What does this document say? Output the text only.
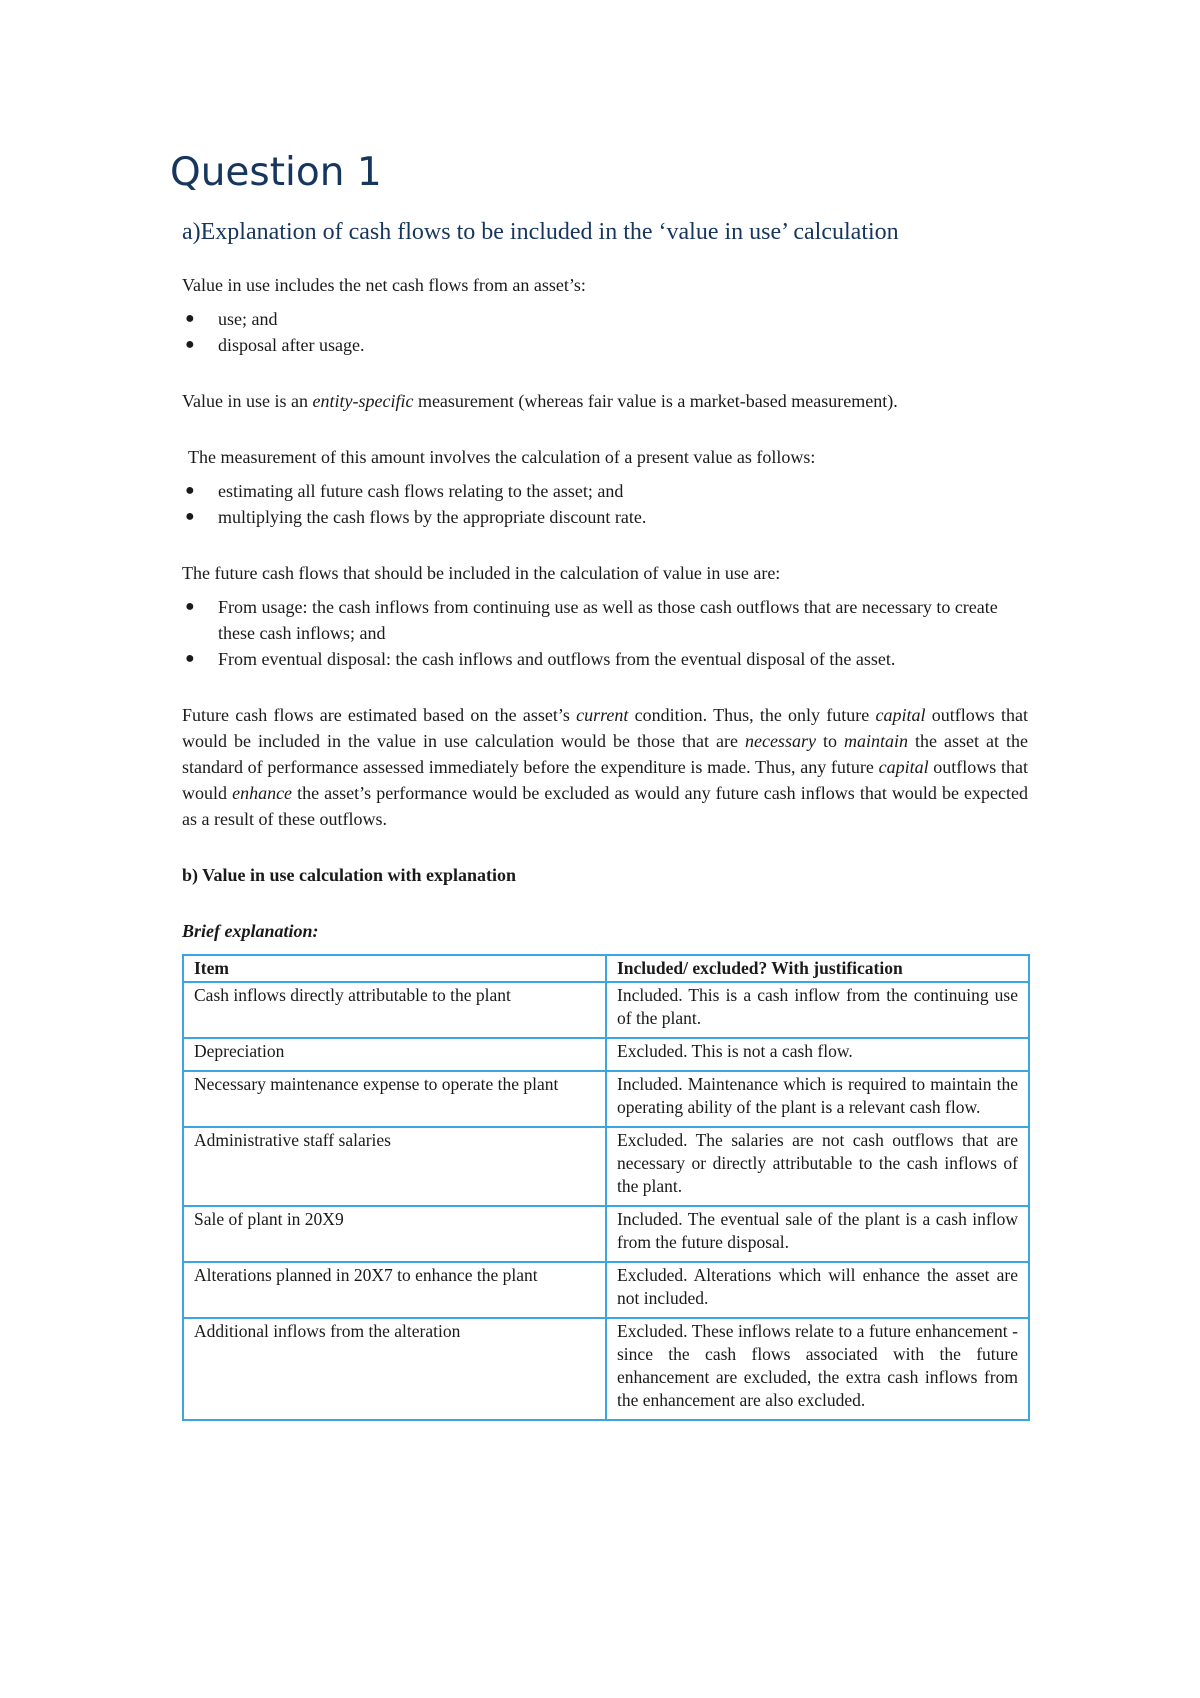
Question 1
a)Explanation of cash flows to be included in the ‘value in use’ calculation

Value in use includes the net cash flows from an asset’s:

● use; and
● disposal after usage.

Value in use is an entity-specific measurement (whereas fair value is a market-based measurement).

The measurement of this amount involves the calculation of a present value as follows:

● estimating all future cash flows relating to the asset; and
● multiplying the cash flows by the appropriate discount rate.

The future cash flows that should be included in the calculation of value in use are:

● From usage: the cash inflows from continuing use as well as those cash outflows that are necessary to create these cash inflows; and
● From eventual disposal: the cash inflows and outflows from the eventual disposal of the asset.

Future cash flows are estimated based on the asset’s current condition. Thus, the only future capital outflows that would be included in the value in use calculation would be those that are necessary to maintain the asset at the standard of performance assessed immediately before the expenditure is made. Thus, any future capital outflows that would enhance the asset’s performance would be excluded as would any future cash inflows that would be expected as a result of these outflows.

b) Value in use calculation with explanation

Brief explanation:

Item	Included/ excluded? With justification
Cash inflows directly attributable to the plant	Included. This is a cash inflow from the continuing use of the plant.
Depreciation	Excluded. This is not a cash flow.
Necessary maintenance expense to operate the plant	Included. Maintenance which is required to maintain the operating ability of the plant is a relevant cash flow.
Administrative staff salaries	Excluded. The salaries are not cash outflows that are necessary or directly attributable to the cash inflows of the plant.
Sale of plant in 20X9	Included. The eventual sale of the plant is a cash inflow from the future disposal.
Alterations planned in 20X7 to enhance the plant	Excluded. Alterations which will enhance the asset are not included.
Additional inflows from the alteration	Excluded. These inflows relate to a future enhancement - since the cash flows associated with the future enhancement are excluded, the extra cash inflows from the enhancement are also excluded.
